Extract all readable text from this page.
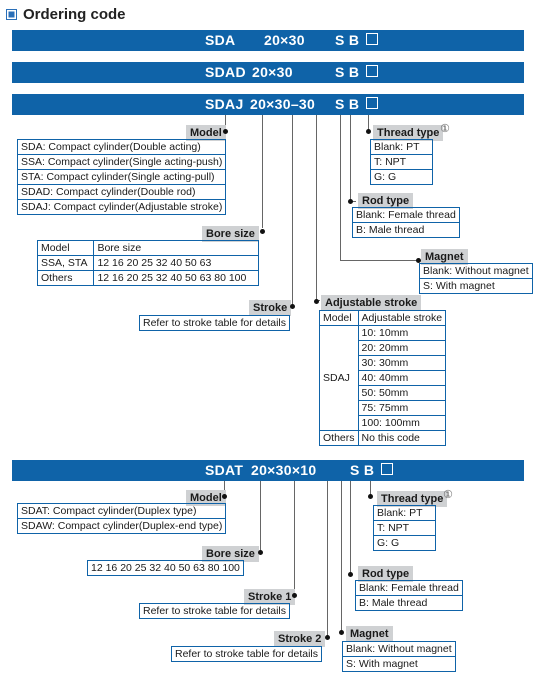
Ordering code
SDA 20×30 S B
SDAD 20×30	S B
SDAJ 20×30–30 S B
Model
SDA: Compact cylinder(Double acting)
SSA: Compact cylinder(Single acting-push)
STA: Compact cylinder(Single acting-pull)
SDAD: Compact cylinder(Double rod)
SDAJ: Compact cylinder(Adjustable stroke)
Bore size
Model	Bore size
SSA, STA	12 16 20 25 32 40 50 63
Others	12 16 20 25 32 40 50 63 80 100
Stroke
Refer to stroke table for details
Adjustable stroke
Model	Adjustable stroke
SDAJ	10: 10mm
	20: 20mm
	30: 30mm
	40: 40mm
	50: 50mm
	75: 75mm
	100: 100mm
Others	No this code
Thread type ①
Blank: PT
T: NPT
G: G
Rod type
Blank: Female thread
B: Male thread
Magnet
Blank: Without magnet
S: With magnet
SDAT 20×30×10 S B
Model
SDAT: Compact cylinder(Duplex type)
SDAW: Compact cylinder(Duplex-end type)
Bore size
12 16 20 25 32 40 50 63 80 100
Stroke 1
Refer to stroke table for details
Stroke 2
Refer to stroke table for details
Thread type ①
Blank: PT
T: NPT
G: G
Rod type
Blank: Female thread
B: Male thread
Magnet
Blank: Without magnet
S: With magnet
